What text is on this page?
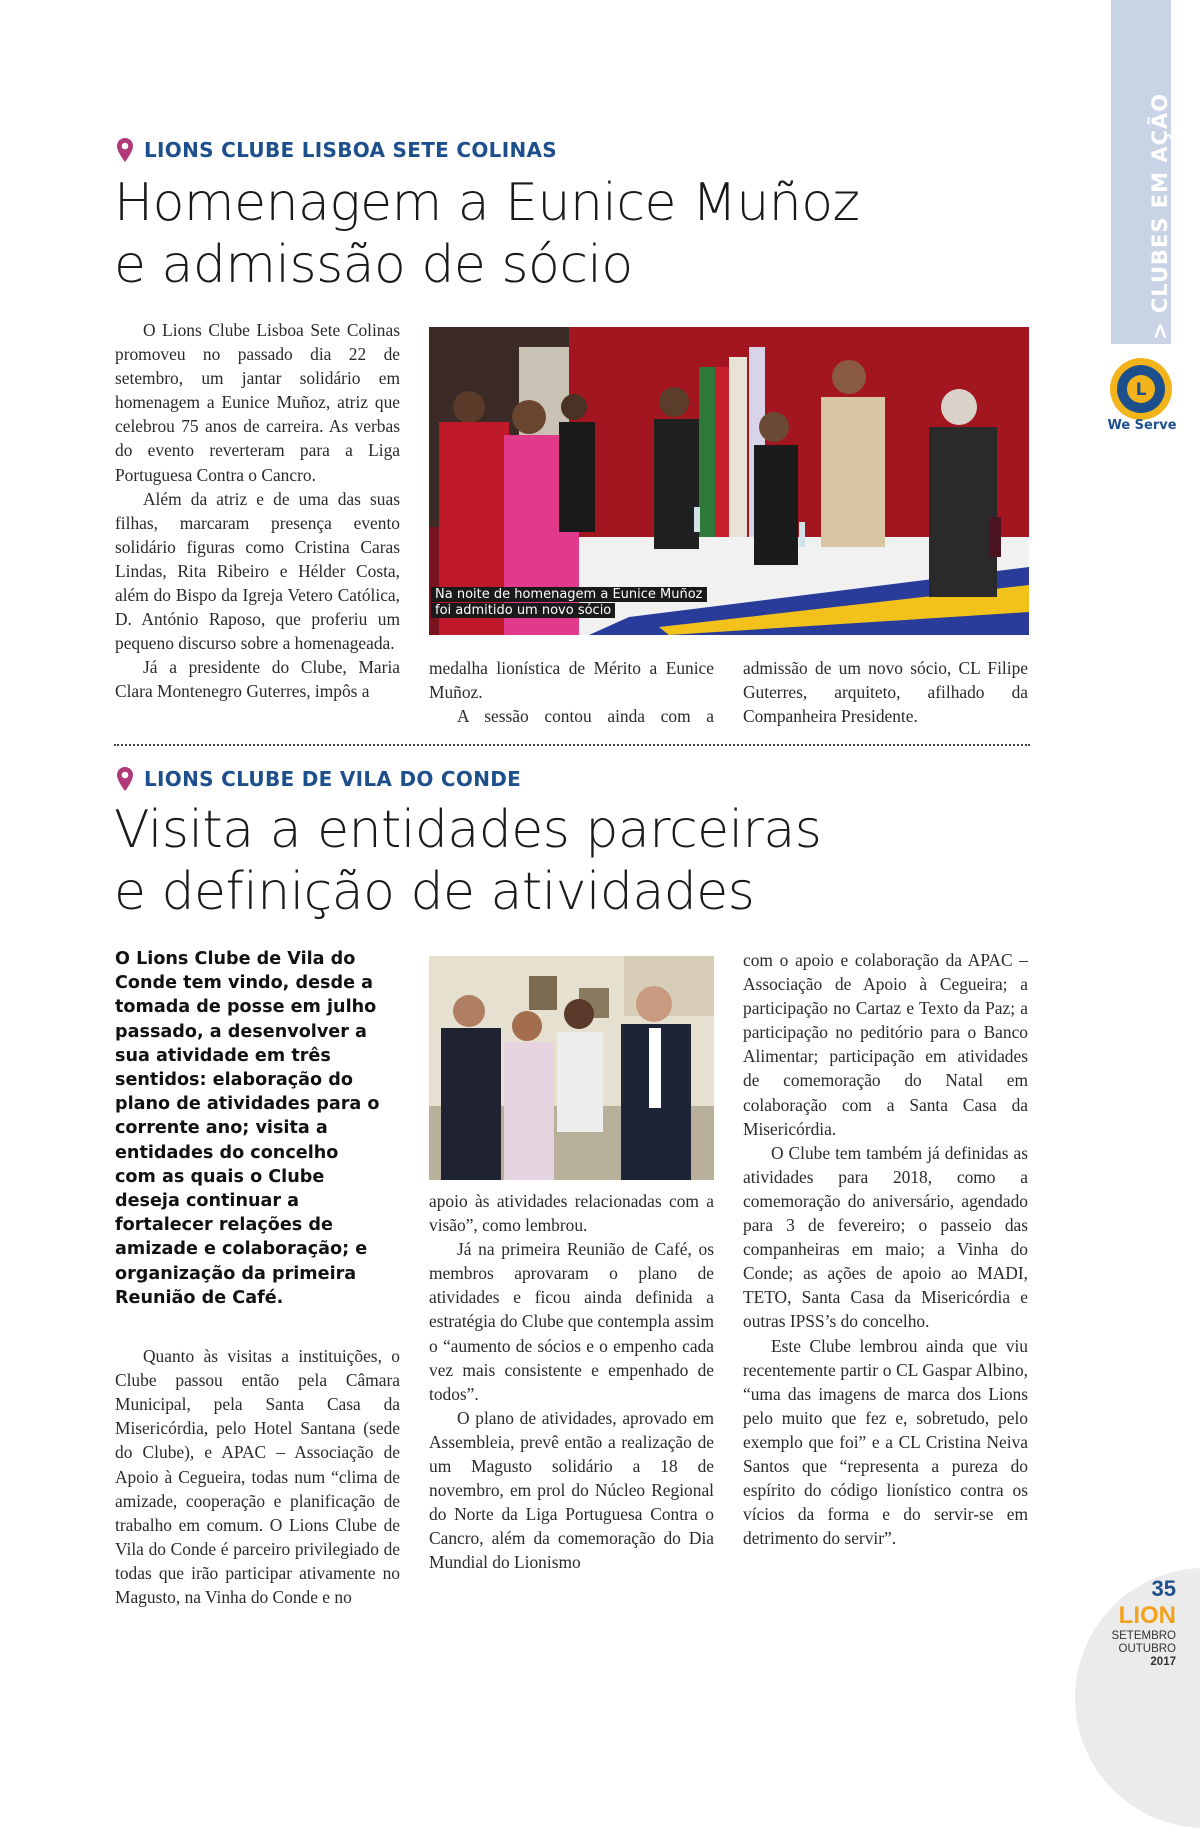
> CLUBES EM AÇÃO
L
We Serve
LIONS CLUBE LISBOA SETE COLINAS
Homenagem a Eunice Muñoz
e admissão de sócio

O Lions Clube Lisboa Sete Colinas promoveu no passado dia 22 de setembro, um jantar solidário em homenagem a Eunice Muñoz, atriz que celebrou 75 anos de carreira. As verbas do evento reverteram para a Liga Portuguesa Contra o Cancro.

Além da atriz e de uma das suas filhas, marcaram presença evento solidário figuras como Cristina Caras Lindas, Rita Ribeiro e Hélder Costa, além do Bispo da Igreja Vetero Católica, D. António Raposo, que proferiu um pequeno discurso sobre a homenageada.

Já a presidente do Clube, Maria Clara Montenegro Guterres, impôs a

Na noite de homenagem a Eunice Muñoz
foi admitido um novo sócio

medalha lionística de Mérito a Eunice Muñoz.

A sessão contou ainda com a

admissão de um novo sócio, CL Filipe Guterres, arquiteto, afilhado da Companheira Presidente.

LIONS CLUBE DE VILA DO CONDE
Visita a entidades parceiras
e definição de atividades
O Lions Clube de Vila do Conde tem vindo, desde a tomada de posse em julho passado, a desenvolver a sua atividade em três sentidos: elaboração do plano de atividades para o corrente ano; visita a entidades do concelho com as quais o Clube deseja continuar a fortalecer relações de amizade e colaboração; e organização da primeira Reunião de Café.

Quanto às visitas a instituições, o Clube passou então pela Câmara Municipal, pela Santa Casa da Misericórdia, pelo Hotel Santana (sede do Clube), e APAC – Associação de Apoio à Cegueira, todas num “clima de amizade, cooperação e planificação de trabalho em comum. O Lions Clube de Vila do Conde é parceiro privilegiado de todas que irão participar ativamente no Magusto, na Vinha do Conde e no

apoio às atividades relacionadas com a visão”, como lembrou.

Já na primeira Reunião de Café, os membros aprovaram o plano de atividades e ficou ainda definida a estratégia do Clube que contempla assim o “aumento de sócios e o empenho cada vez mais consistente e empenhado de todos”.

O plano de atividades, aprovado em Assembleia, prevê então a realização de um Magusto solidário a 18 de novembro, em prol do Núcleo Regional do Norte da Liga Portuguesa Contra o Cancro, além da comemoração do Dia Mundial do Lionismo

com o apoio e colaboração da APAC – Associação de Apoio à Cegueira; a participação no Cartaz e Texto da Paz; a participação no peditório para o Banco Alimentar; participação em atividades de comemoração do Natal em colaboração com a Santa Casa da Misericórdia.

O Clube tem também já definidas as atividades para 2018, como a comemoração do aniversário, agendado para 3 de fevereiro; o passeio das companheiras em maio; a Vinha do Conde; as ações de apoio ao MADI, TETO, Santa Casa da Misericórdia e outras IPSS’s do concelho.

Este Clube lembrou ainda que viu recentemente partir o CL Gaspar Albino, “uma das imagens de marca dos Lions pelo muito que fez e, sobretudo, pelo exemplo que foi” e a CL Cristina Neiva Santos que “representa a pureza do espírito do código lionístico contra os vícios da forma e do servir-se em detrimento do servir”.

35
LION
SETEMBRO
OUTUBRO
2017
